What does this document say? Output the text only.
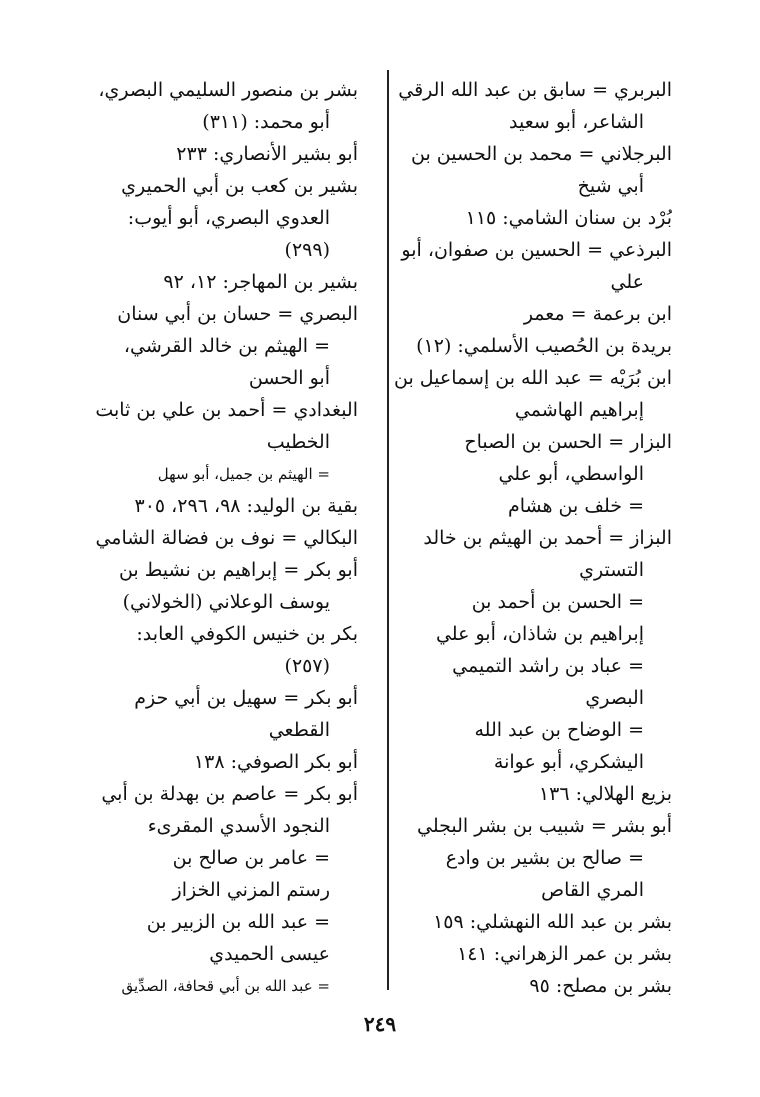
البربري = سابق بن عبد الله الرقي
الشاعر، أبو سعيد
البرجلاني = محمد بن الحسين بن
أبي شيخ
بُرْد بن سنان الشامي: ١١٥
البرذعي = الحسين بن صفوان، أبو
علي
ابن برعمة = معمر
بريدة بن الحُصيب الأسلمي: (١٢)
ابن بُرَيْه = عبد الله بن إسماعيل بن
إبراهيم الهاشمي
البزار = الحسن بن الصباح
الواسطي، أبو علي
= خلف بن هشام
البزاز = أحمد بن الهيثم بن خالد
التستري
= الحسن بن أحمد بن
إبراهيم بن شاذان، أبو علي
= عباد بن راشد التميمي
البصري
= الوضاح بن عبد الله
اليشكري، أبو عوانة
بزيع الهلالي: ١٣٦
أبو بشر = شبيب بن بشر البجلي
= صالح بن بشير بن وادع
المري القاص
بشر بن عبد الله النهشلي: ١٥٩
بشر بن عمر الزهراني: ١٤١
بشر بن مصلح: ٩٥
بشر بن منصور السليمي البصري،
أبو محمد: (٣١١)
أبو بشير الأنصاري: ٢٣٣
بشير بن كعب بن أبي الحميري
العدوي البصري، أبو أيوب:
(٢٩٩)
بشير بن المهاجر: ١٢، ٩٢
البصري = حسان بن أبي سنان
= الهيثم بن خالد القرشي،
أبو الحسن
البغدادي = أحمد بن علي بن ثابت
الخطيب
= الهيثم بن جميل، أبو سهل
بقية بن الوليد: ٩٨، ٢٩٦، ٣٠٥
البكالي = نوف بن فضالة الشامي
أبو بكر = إبراهيم بن نشيط بن
يوسف الوعلاني (الخولاني)
بكر بن خنيس الكوفي العابد:
(٢٥٧)
أبو بكر = سهيل بن أبي حزم
القطعي
أبو بكر الصوفي: ١٣٨
أبو بكر = عاصم بن بهدلة بن أبي
النجود الأسدي المقرىء
= عامر بن صالح بن
رستم المزني الخزاز
= عبد الله بن الزبير بن
عيسى الحميدي
= عبد الله بن أبي قحافة، الصدِّيق
٢٤٩
